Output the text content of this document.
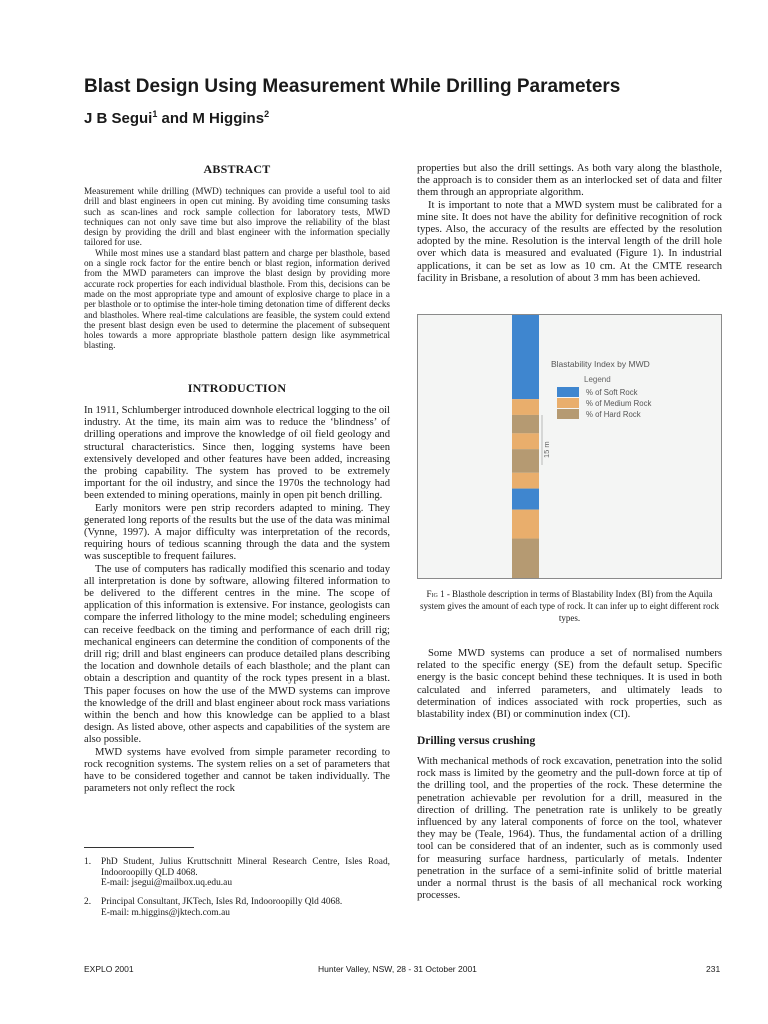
Blast Design Using Measurement While Drilling Parameters

J B Segui$^1$ and M Higgins$^2$

ABSTRACT

Measurement while drilling (MWD) techniques can provide a useful tool to aid drill and blast engineers in open cut mining. By avoiding time consuming tasks such as scan-lines and rock sample collection for laboratory tests, MWD techniques can not only save time but also improve the reliability of the blast design by providing the drill and blast engineer with the information specially tailored for use.

While most mines use a standard blast pattern and charge per blasthole, based on a single rock factor for the entire bench or blast region, information derived from the MWD parameters can improve the blast design by providing more accurate rock properties for each individual blasthole. From this, decisions can be made on the most appropriate type and amount of explosive charge to place in a per blasthole or to optimise the inter-hole timing detonation time of different decks and blastholes. Where real-time calculations are feasible, the system could extend the present blast design even be used to determine the placement of subsequent holes towards a more appropriate blasthole pattern design like asymmetrical blasting.

INTRODUCTION

In 1911, Schlumberger introduced downhole electrical logging to the oil industry. At the time, its main aim was to reduce the ‘blindness’ of drilling operations and improve the knowledge of oil field geology and structural characteristics. Since then, logging systems have been extensively developed and other features have been added, increasing the probing capability. The system has proved to be extremely important for the oil industry, and since the 1970s the technology had been extended to mining operations, mainly in open pit bench drilling.

Early monitors were pen strip recorders adapted to mining. They generated long reports of the results but the use of the data was minimal (Vynne, 1997). A major difficulty was interpretation of the records, requiring hours of tedious scanning through the data and the system was susceptible to frequent failures.

The use of computers has radically modified this scenario and today all interpretation is done by software, allowing filtered information to be delivered to the different centres in the mine. The scope of application of this information is extensive. For instance, geologists can compare the inferred lithology to the mine model; scheduling engineers can receive feedback on the timing and performance of each drill rig; mechanical engineers can determine the condition of components of the drill rig; drill and blast engineers can produce detailed plans describing the location and downhole details of each blasthole; and the plant can obtain a description and quantity of the rock types present in a blast. This paper focuses on how the use of the MWD systems can improve the knowledge of the drill and blast engineer about rock mass variations within the bench and how this knowledge can be applied to a blast design. As listed above, other aspects and capabilities of the system are also possible.

MWD systems have evolved from simple parameter recording to rock recognition systems. The system relies on a set of parameters that have to be considered together and cannot be taken individually. The parameters not only reflect the rock

1. PhD Student, Julius Kruttschnitt Mineral Research Centre, Isles Road, Indooroopilly QLD 4068.
E-mail: jsegui@mailbox.uq.edu.au
2. Principal Consultant, JKTech, Isles Rd, Indooroopilly Qld 4068.
E-mail: m.higgins@jktech.com.au

properties but also the drill settings. As both vary along the blasthole, the approach is to consider them as an interlocked set of data and filter them through an appropriate algorithm.

It is important to note that a MWD system must be calibrated for a mine site. It does not have the ability for definitive recognition of rock types. Also, the accuracy of the results are effected by the resolution adopted by the mine. Resolution is the interval length of the drill hole over which data is measured and evaluated (Figure 1). In industrial applications, it can be set as low as 10 cm. At the CMTE research facility in Brisbane, a resolution of about 3 mm has been achieved.

Blastability Index by MWD
Legend
% of Soft Rock
% of Medium Rock
% of Hard Rock
15 m
Fig 1 - Blasthole description in terms of Blastability Index (BI) from the Aquila system gives the amount of each type of rock. It can infer up to eight different rock types.

Some MWD systems can produce a set of normalised numbers related to the specific energy (SE) from the default setup. Specific energy is the basic concept behind these techniques. It is used in both calculated and inferred parameters, and ultimately leads to determination of indices associated with rock properties, such as blastability index (BI) or comminution index (CI).

Drilling versus crushing

With mechanical methods of rock excavation, penetration into the solid rock mass is limited by the geometry and the pull-down force at tip of the drilling tool, and the properties of the rock. These determine the penetration achievable per revolution for a drill, measured in the direction of drilling. The penetration rate is unlikely to be greatly influenced by any lateral components of force on the tool, whatever they may be (Teale, 1964). Thus, the fundamental action of a drilling tool can be considered that of an indenter, such as is commonly used for measuring surface hardness, particularly of metals. Indenter penetration in the surface of a semi-infinite solid of brittle material under a normal thrust is the basis of all mechanical rock working processes.

EXPLO 2001	Hunter Valley, NSW, 28 - 31 October 2001	231
